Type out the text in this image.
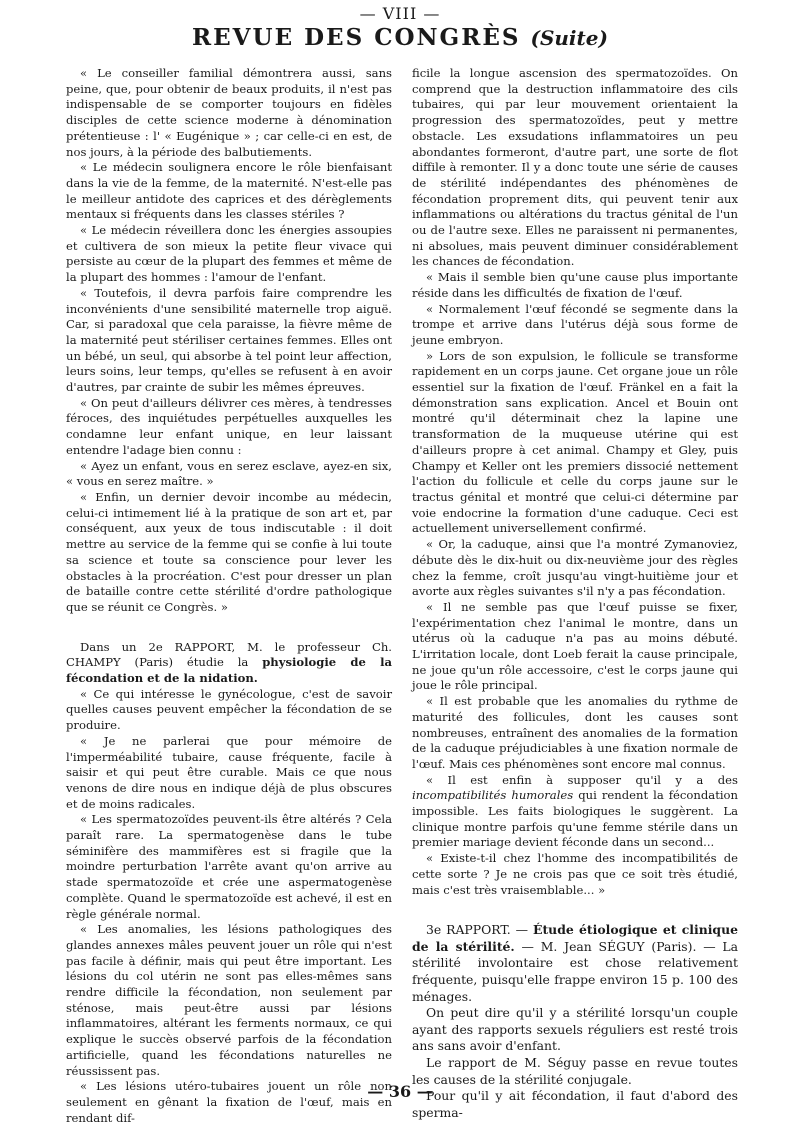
— VIII —
REVUE DES CONGRÈS (Suite)

« Le conseiller familial démontrera aussi, sans peine, que, pour obtenir de beaux produits, il n'est pas indispensable de se comporter toujours en fidèles disciples de cette science moderne à dénomination prétentieuse : l' « Eugénique » ; car celle-ci en est, de nos jours, à la période des balbutiements.

« Le médecin soulignera encore le rôle bienfaisant dans la vie de la femme, de la maternité. N'est-elle pas le meilleur antidote des caprices et des dérèglements mentaux si fréquents dans les classes stériles ?

« Le médecin réveillera donc les énergies assoupies et cultivera de son mieux la petite fleur vivace qui persiste au cœur de la plupart des femmes et même de la plupart des hommes : l'amour de l'enfant.

« Toutefois, il devra parfois faire comprendre les inconvénients d'une sensibilité maternelle trop aiguë. Car, si paradoxal que cela paraisse, la fièvre même de la maternité peut stériliser certaines femmes. Elles ont un bébé, un seul, qui absorbe à tel point leur affection, leurs soins, leur temps, qu'elles se refusent à en avoir d'autres, par crainte de subir les mêmes épreuves.

« On peut d'ailleurs délivrer ces mères, à tendresses féroces, des inquiétudes perpétuelles auxquelles les condamne leur enfant unique, en leur laissant entendre l'adage bien connu :

« Ayez un enfant, vous en serez esclave, ayez-en six, « vous en serez maître. »

« Enfin, un dernier devoir incombe au médecin, celui-ci intimement lié à la pratique de son art et, par conséquent, aux yeux de tous indiscutable : il doit mettre au service de la femme qui se confie à lui toute sa science et toute sa conscience pour lever les obstacles à la procréation. C'est pour dresser un plan de bataille contre cette stérilité d'ordre pathologique que se réunit ce Congrès. »

Dans un 2e RAPPORT, M. le professeur Ch. CHAMPY (Paris) étudie la physiologie de la fécondation et de la nidation.

« Ce qui intéresse le gynécologue, c'est de savoir quelles causes peuvent empêcher la fécondation de se produire.

« Je ne parlerai que pour mémoire de l'imperméabilité tubaire, cause fréquente, facile à saisir et qui peut être curable. Mais ce que nous venons de dire nous en indique déjà de plus obscures et de moins radicales.

« Les spermatozoïdes peuvent-ils être altérés ? Cela paraît rare. La spermatogenèse dans le tube séminifère des mammifères est si fragile que la moindre perturbation l'arrête avant qu'on arrive au stade spermatozoïde et crée une aspermatogenèse complète. Quand le spermatozoïde est achevé, il est en règle générale normal.

« Les anomalies, les lésions pathologiques des glandes annexes mâles peuvent jouer un rôle qui n'est pas facile à définir, mais qui peut être important. Les lésions du col utérin ne sont pas elles-mêmes sans rendre difficile la fécondation, non seulement par sténose, mais peut-être aussi par lésions inflammatoires, altérant les ferments normaux, ce qui explique le succès observé parfois de la fécondation artificielle, quand les fécondations naturelles ne réussissent pas.

« Les lésions utéro-tubaires jouent un rôle non seulement en gênant la fixation de l'œuf, mais en rendant dif-

ficile la longue ascension des spermatozoïdes. On comprend que la destruction inflammatoire des cils tubaires, qui par leur mouvement orientaient la progression des spermatozoïdes, peut y mettre obstacle. Les exsudations inflammatoires un peu abondantes formeront, d'autre part, une sorte de flot diffile à remonter. Il y a donc toute une série de causes de stérilité indépendantes des phénomènes de fécondation proprement dits, qui peuvent tenir aux inflammations ou altérations du tractus génital de l'un ou de l'autre sexe. Elles ne paraissent ni permanentes, ni absolues, mais peuvent diminuer considérablement les chances de fécondation.

« Mais il semble bien qu'une cause plus importante réside dans les difficultés de fixation de l'œuf.

« Normalement l'œuf fécondé se segmente dans la trompe et arrive dans l'utérus déjà sous forme de jeune embryon.

» Lors de son expulsion, le follicule se transforme rapidement en un corps jaune. Cet organe joue un rôle essentiel sur la fixation de l'œuf. Fränkel en a fait la démonstration sans explication. Ancel et Bouin ont montré qu'il déterminait chez la lapine une transformation de la muqueuse utérine qui est d'ailleurs propre à cet animal. Champy et Gley, puis Champy et Keller ont les premiers dissocié nettement l'action du follicule et celle du corps jaune sur le tractus génital et montré que celui-ci détermine par voie endocrine la formation d'une caduque. Ceci est actuellement universellement confirmé.

« Or, la caduque, ainsi que l'a montré Zymanoviez, débute dès le dix-huit ou dix-neuvième jour des règles chez la femme, croît jusqu'au vingt-huitième jour et avorte aux règles suivantes s'il n'y a pas fécondation.

« Il ne semble pas que l'œuf puisse se fixer, l'expérimentation chez l'animal le montre, dans un utérus où la caduque n'a pas au moins débuté. L'irritation locale, dont Loeb ferait la cause principale, ne joue qu'un rôle accessoire, c'est le corps jaune qui joue le rôle principal.

« Il est probable que les anomalies du rythme de maturité des follicules, dont les causes sont nombreuses, entraînent des anomalies de la formation de la caduque préjudiciables à une fixation normale de l'œuf. Mais ces phénomènes sont encore mal connus.

« Il est enfin à supposer qu'il y a des incompatibilités humorales qui rendent la fécondation impossible. Les faits biologiques le suggèrent. La clinique montre parfois qu'une femme stérile dans un premier mariage devient féconde dans un second...

« Existe-t-il chez l'homme des incompatibilités de cette sorte ? Je ne crois pas que ce soit très étudié, mais c'est très vraisemblable... »

3e RAPPORT. — Étude étiologique et clinique de la stérilité. — M. Jean SÉGUY (Paris). — La stérilité involontaire est chose relativement fréquente, puisqu'elle frappe environ 15 p. 100 des ménages.

On peut dire qu'il y a stérilité lorsqu'un couple ayant des rapports sexuels réguliers est resté trois ans sans avoir d'enfant.

Le rapport de M. Séguy passe en revue toutes les causes de la stérilité conjugale.

Pour qu'il y ait fécondation, il faut d'abord des sperma-

— 36 —
